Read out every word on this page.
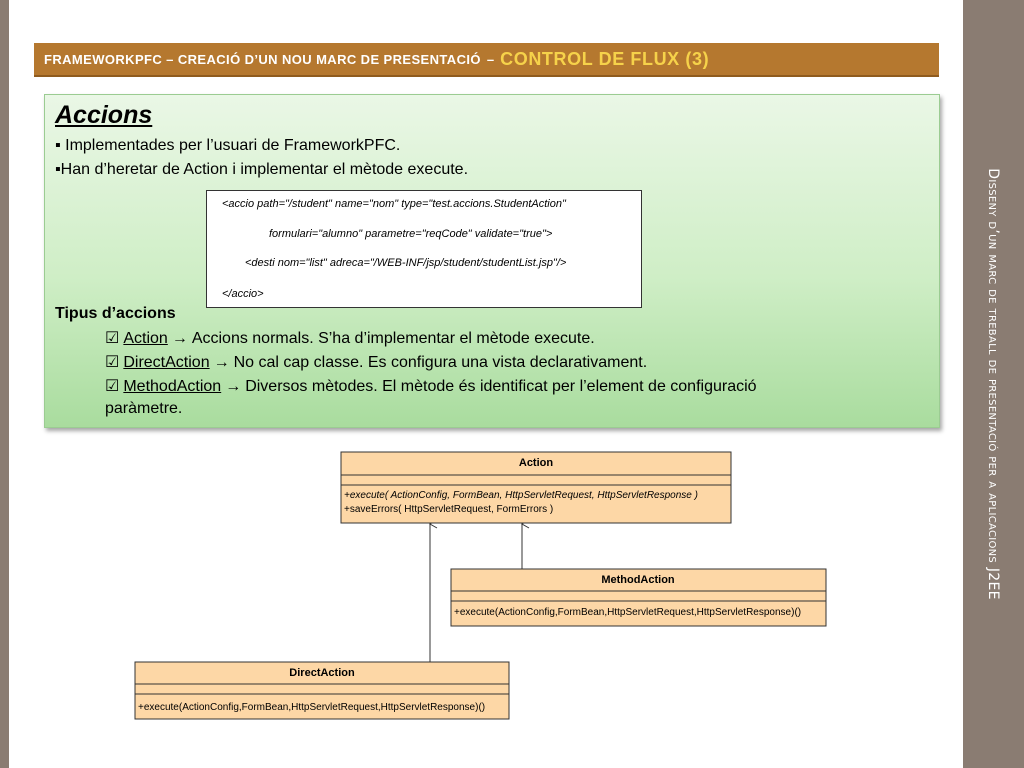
Disseny d’un marc de treball de presentació per a aplicacions J2EE
FRAMEWORKPFC – CREACIÓ D’UN NOU MARC DE PRESENTACIÓ – CONTROL DE FLUX (3)
Accions
▪ Implementades per l’usuari de FrameworkPFC.
▪Han d’heretar de Action i implementar el mètode execute.
<accio path="/student" name="nom" type="test.accions.StudentAction"
formulari="alumno" parametre="reqCode" validate="true">
<desti nom="list" adreca="/WEB-INF/jsp/student/studentList.jsp"/>
</accio>
Tipus d’accions
☑ Action → Accions normals. S’ha d’implementar el mètode execute.
☑ DirectAction → No cal cap classe. Es configura una vista declarativament.
☑ MethodAction → Diversos mètodes. El mètode és identificat per l’element de configuració
paràmetre.
Action
+execute( ActionConfig, FormBean, HttpServletRequest, HttpServletResponse )
+saveErrors( HttpServletRequest, FormErrors )
MethodAction
+execute(ActionConfig,FormBean,HttpServletRequest,HttpServletResponse)()
DirectAction
+execute(ActionConfig,FormBean,HttpServletRequest,HttpServletResponse)()
